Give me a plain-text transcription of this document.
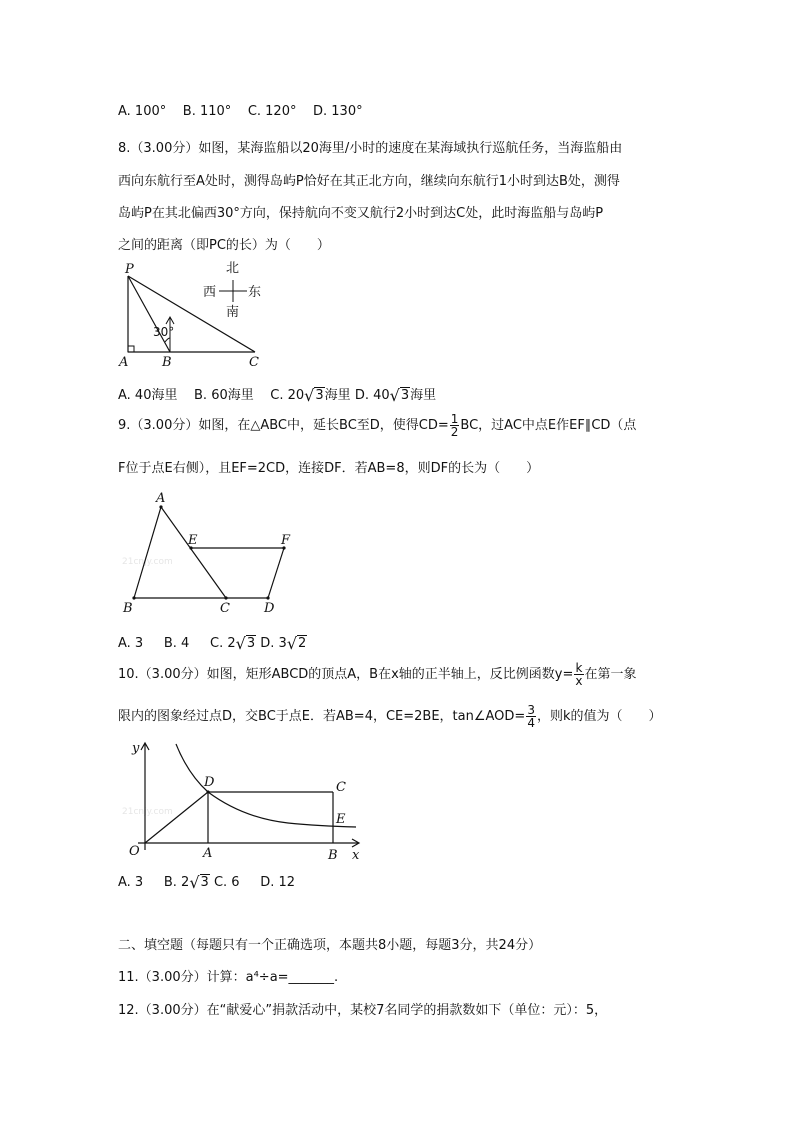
A. 100° B. 110° C. 120° D. 130°
8.（3.00分）如图，某海监船以20海里/小时的速度在某海域执行巡航任务，当海监船由
西向东航行至A处时，测得岛屿P恰好在其正北方向，继续向东航行1小时到达B处，测得
岛屿P在其北偏西30°方向，保持航向不变又航行2小时到达C处，此时海监船与岛屿P
之间的距离（即PC的长）为（　　）
P
A	B	C
30°
北
南
西 东
A. 40海里 B. 60海里 C. 20√3海里 D. 40√3海里
9.（3.00分）如图，在△ABC中，延长BC至D，使得$CD= \frac{1}{2}$ BC，过AC中点E作EF∥CD（点
F位于点E右侧），且EF=2CD，连接DF．若AB=8，则DF的长为（　　）
21cnjy.com
A
B	C	D
E	F
A. 3 B. 4 C. 2√3 D. 3√2
10.（3.00分）如图，矩形ABCD的顶点A，B在x轴的正半轴上，反比例函数$y= \frac{k}{x}$ 在第一象
限内的图象经过点D，交BC于点E．若AB=4，CE=2BE，tan∠AOD= $\frac{3}{4}$ ，则k的值为（　　）
21cnjy.com
y
x
O	A	B
C
D
E
A. 3 B. 2√3 C. 6 D. 12
二、填空题（每题只有一个正确选项，本题共8小题，每题3分，共24分）
11.（3.00分）计算：a⁴÷a=_______.
12.（3.00分）在“献爱心”捐款活动中，某校7名同学的捐款数如下（单位：元）：5，
